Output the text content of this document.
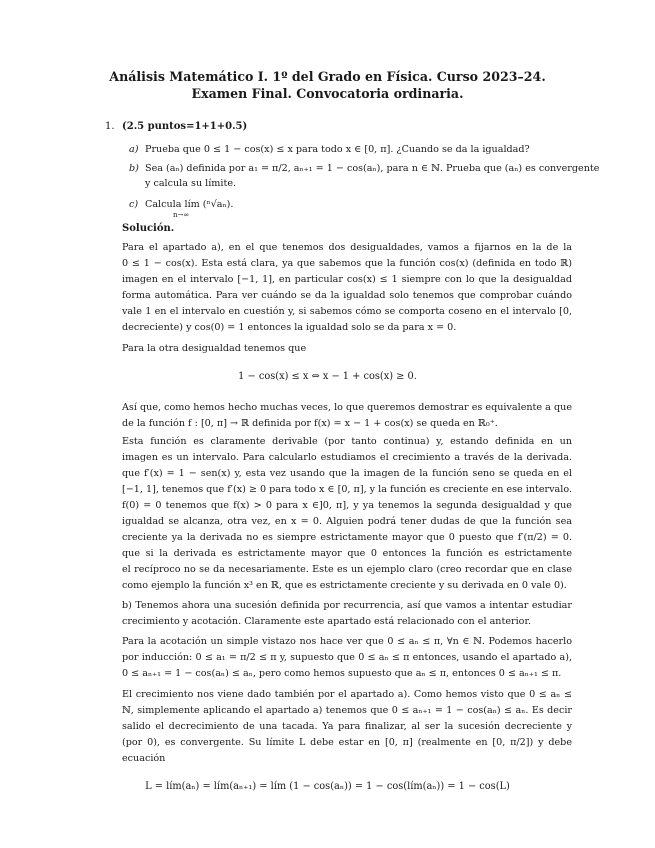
Análisis Matemático I. 1º del Grado en Física. Curso 2023–24.
Examen Final. Convocatoria ordinaria.
1. (2.5 puntos=1+1+0.5)
a) Prueba que 0 ≤ 1 − cos(x) ≤ x para todo x ∈ [0, π]. ¿Cuando se da la igualdad?
b) Sea (aₙ) definida por a₁ = π/2, aₙ₊₁ = 1 − cos(aₙ), para n ∈ ℕ. Prueba que (aₙ) es convergente
y calcula su límite.
c) Calcula lím (ⁿ√aₙ).
n→∞
Solución.
Para el apartado a), en el que tenemos dos desigualdades, vamos a fijarnos en la de la
0 ≤ 1 − cos(x). Esta está clara, ya que sabemos que la función cos(x) (definida en todo ℝ)
imagen en el intervalo [−1, 1], en particular cos(x) ≤ 1 siempre con lo que la desigualdad
forma automática. Para ver cuándo se da la igualdad solo tenemos que comprobar cuándo
vale 1 en el intervalo en cuestión y, si sabemos cómo se comporta coseno en el intervalo [0,
decreciente) y cos(0) = 1 entonces la igualdad solo se da para x = 0.
Para la otra desigualdad tenemos que
1 − cos(x) ≤ x ⇔ x − 1 + cos(x) ≥ 0.
Así que, como hemos hecho muchas veces, lo que queremos demostrar es equivalente a que
de la función f : [0, π] → ℝ definida por f(x) = x − 1 + cos(x) se queda en ℝ₀⁺.
Esta función es claramente derivable (por tanto continua) y, estando definida en un
imagen es un intervalo. Para calcularlo estudiamos el crecimiento a través de la derivada.
que f′(x) = 1 − sen(x) y, esta vez usando que la imagen de la función seno se queda en el
[−1, 1], tenemos que f′(x) ≥ 0 para todo x ∈ [0, π], y la función es creciente en ese intervalo.
f(0) = 0 tenemos que f(x) > 0 para x ∈]0, π], y ya tenemos la segunda desigualdad y que
igualdad se alcanza, otra vez, en x = 0. Alguien podrá tener dudas de que la función sea
creciente ya la derivada no es siempre estrictamente mayor que 0 puesto que f′(π/2) = 0.
que si la derivada es estrictamente mayor que 0 entonces la función es estrictamente
el recíproco no se da necesariamente. Este es un ejemplo claro (creo recordar que en clase
como ejemplo la función x³ en ℝ, que es estrictamente creciente y su derivada en 0 vale 0).
b) Tenemos ahora una sucesión definida por recurrencia, así que vamos a intentar estudiar
crecimiento y acotación. Claramente este apartado está relacionado con el anterior.
Para la acotación un simple vistazo nos hace ver que 0 ≤ aₙ ≤ π, ∀n ∈ ℕ. Podemos hacerlo
por inducción: 0 ≤ a₁ = π/2 ≤ π y, supuesto que 0 ≤ aₙ ≤ π entonces, usando el apartado a),
0 ≤ aₙ₊₁ = 1 − cos(aₙ) ≤ aₙ, pero como hemos supuesto que aₙ ≤ π, entonces 0 ≤ aₙ₊₁ ≤ π.
El crecimiento nos viene dado también por el apartado a). Como hemos visto que 0 ≤ aₙ ≤
ℕ, simplemente aplicando el apartado a) tenemos que 0 ≤ aₙ₊₁ = 1 − cos(aₙ) ≤ aₙ. Es decir
salido el decrecimiento de una tacada. Ya para finalizar, al ser la sucesión decreciente y
(por 0), es convergente. Su límite L debe estar en [0, π] (realmente en [0, π/2]) y debe
ecuación
L = lím(aₙ) = lím(aₙ₊₁) = lím (1 − cos(aₙ)) = 1 − cos(lím(aₙ)) = 1 − cos(L)
